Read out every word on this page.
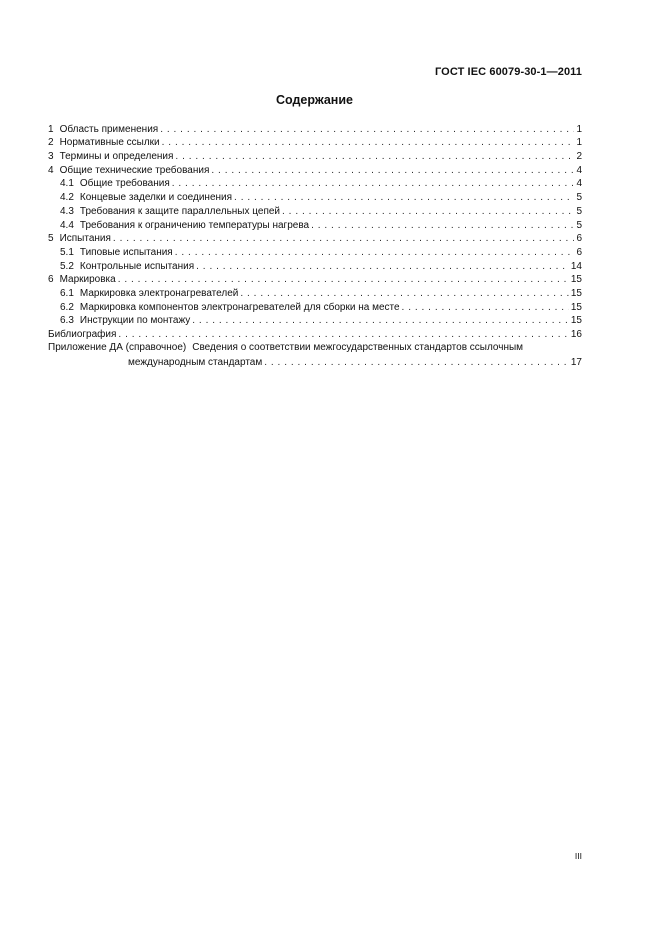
ГОСТ IEC 60079-30-1—2011
Содержание
1 Область применения . . .	1
2 Нормативные ссылки . . .	1
3 Термины и определения . . .	2
4 Общие технические требования . . .	4
4.1 Общие требования . . .	4
4.2 Концевые заделки и соединения . . .	5
4.3 Требования к защите параллельных цепей . . .	5
4.4 Требования к ограничению температуры нагрева . . .	5
5 Испытания . . .	6
5.1 Типовые испытания . . .	6
5.2 Контрольные испытания . . .	14
6 Маркировка . . .	15
6.1 Маркировка электронагревателей . . .	15
6.2 Маркировка компонентов электронагревателей для сборки на месте . . .	15
6.3 Инструкции по монтажу . . .	15
Библиография . . .	16
Приложение ДА (справочное) Сведения о соответствии межгосударственных стандартов ссылочным
международным стандартам . . .	17
III
